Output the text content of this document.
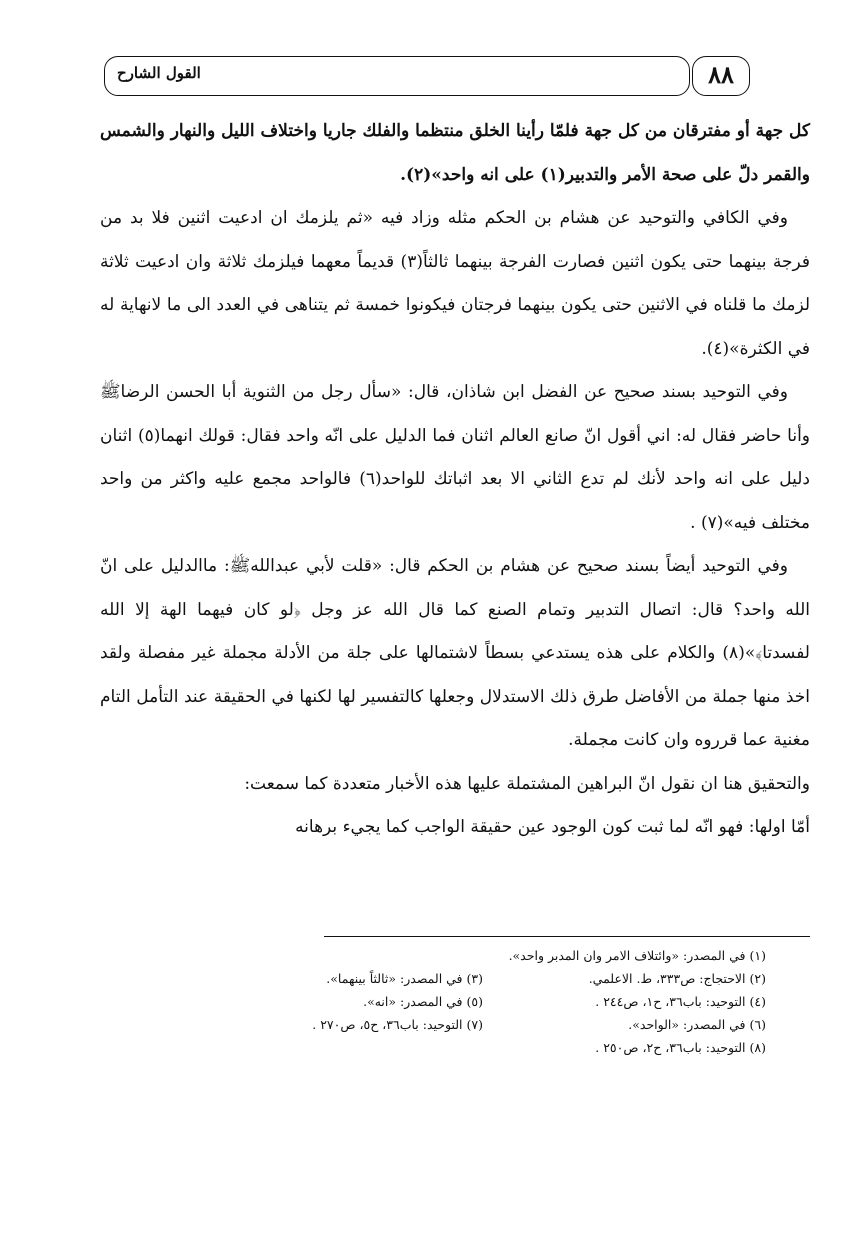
القول الشارح	٨٨

كل جهة أو مفترقان من كل جهة فلمّا رأينا الخلق منتظما والفلك جاريا واختلاف الليل والنهار والشمس والقمر دلّ على صحة الأمر والتدبير(١) على انه واحد»(٢).

وفي الكافي والتوحيد عن هشام بن الحكم مثله وزاد فيه «ثم يلزمك ان ادعيت اثنين فلا بد من فرجة بينهما حتى يكون اثنين فصارت الفرجة بينهما ثالثاً(٣) قديماً معهما فيلزمك ثلاثة وان ادعيت ثلاثة لزمك ما قلناه في الاثنين حتى يكون بينهما فرجتان فيكونوا خمسة ثم يتناهى في العدد الى ما لانهاية له في الكثرة»(٤).

وفي التوحيد بسند صحيح عن الفضل ابن شاذان، قال: «سأل رجل من الثنوية أبا الحسن الرضاﷺ وأنا حاضر فقال له: اني أقول انّ صانع العالم اثنان فما الدليل على انّه واحد فقال: قولك انهما(٥) اثنان دليل على انه واحد لأنك لم تدع الثاني الا بعد اثباتك للواحد(٦) فالواحد مجمع عليه واكثر من واحد مختلف فيه»(٧) .

وفي التوحيد أيضاً بسند صحيح عن هشام بن الحكم قال: «قلت لأبي عبداللهﷺ: ماالدليل على انّ الله واحد؟ قال: اتصال التدبير وتمام الصنع كما قال الله عز وجل ﴿لو كان فيهما الهة إلا الله لفسدتا﴾»(٨) والكلام على هذه يستدعي بسطاً لاشتمالها على جلة من الأدلة مجملة غير مفصلة ولقد اخذ منها جملة من الأفاضل طرق ذلك الاستدلال وجعلها كالتفسير لها لكنها في الحقيقة عند التأمل التام مغنية عما قرروه وان كانت مجملة.

والتحقيق هنا ان نقول انّ البراهين المشتملة عليها هذه الأخبار متعددة كما سمعت:

أمّا اولها: فهو انّه لما ثبت كون الوجود عين حقيقة الواجب كما يجيء برهانه

(١) في المصدر: «وائتلاف الامر وان المدبر واحد».
(٢) الاحتجاج: ص٣٣٣، ط. الاعلمي.
(٣) في المصدر: «ثالثاً بينهما».
(٤) التوحيد: باب٣٦، ح١، ص٢٤٤ .
(٥) في المصدر: «انه».
(٦) في المصدر: «الواحد».
(٧) التوحيد: باب٣٦، ح٥، ص٢٧٠ .
(٨) التوحيد: باب٣٦، ح٢، ص٢٥٠ .
